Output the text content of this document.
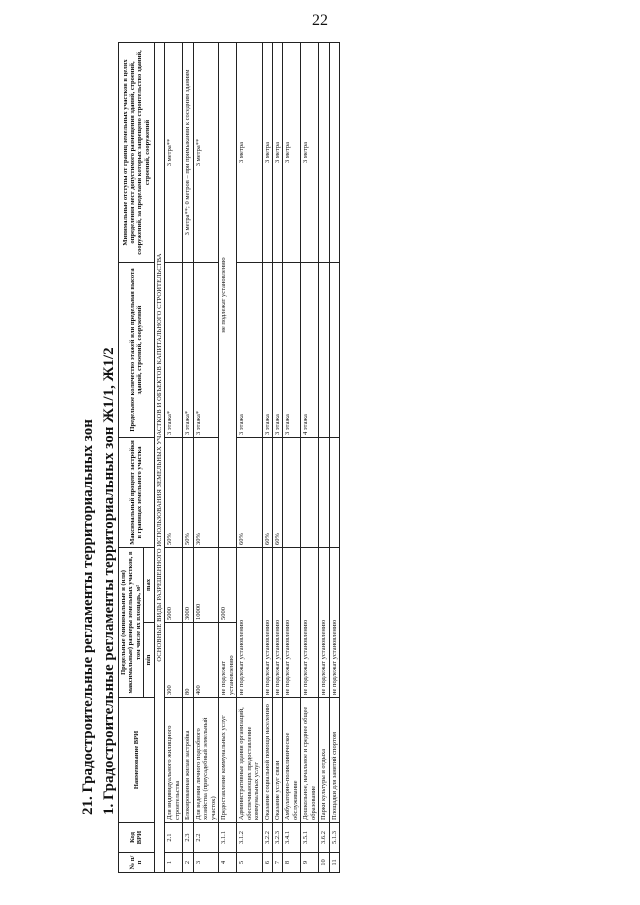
22
21. Градостроительные регламенты территориальных зон 1. Градостроительные регламенты территориальных зон Ж1/1, Ж1/2
№ п/п	Код ВРИ	Наименование ВРИ	Предельные (минимальные и (или) максимальные) размеры земельных участков, в том числе их площадь, м²		Максимальный процент застройки в границах земельного участка	Предельное количество этажей или предельная высота зданий, строений, сооружений	Минимальные отступы от границ земельных участков в целях определения мест допустимого размещения зданий, строений, сооружений, за пределами которых запрещено строительство зданий, строений, сооружений
			min	max			
ОСНОВНЫЕ ВИДЫ РАЗРЕШЕННОГО ИСПОЛЬЗОВАНИЯ ЗЕМЕЛЬНЫХ УЧАСТКОВ И ОБЪЕКТОВ КАПИТАЛЬНОГО СТРОИТЕЛЬСТВА							
1	2.1	Для индивидуального жилищного строительства	300	5000	50%	3 этажа*	3 метра**
2	2.3	Блокированная жилая застройка	80	3000	50%	3 этажа*	3 метра**; 0 метров – при примыкании к соседним зданиям
3	2.2	Для ведения личного подсобного хозяйства (приусадебный земельный участок)	400	10000	30%	3 этажа*	3 метра**
4	3.1.1	Предоставление коммунальных услуг	не подлежат установлению	5000	не подлежат установлению		
5	3.1.2	Административные здания организаций, обеспечивающих предоставление коммунальных услуг	не подлежат установлению		60%	3 этажа	3 метра
6	3.2.2	Оказание социальной помощи населению	не подлежат установлению		60%	3 этажа	3 метра
7	3.2.3	Оказание услуг связи	не подлежат установлению		60%	3 этажа	3 метра
8	3.4.1	Амбулаторно-поликлиническое обслуживание	не подлежат установлению			3 этажа	3 метра
9	3.5.1	Дошкольное, начальное и среднее общее образование	не подлежат установлению			4 этажа	3 метра
10	3.6.2	Парки культуры и отдыха	не подлежат установлению				
11	5.1.3	Площадки для занятий спортом	не подлежат установлению				
